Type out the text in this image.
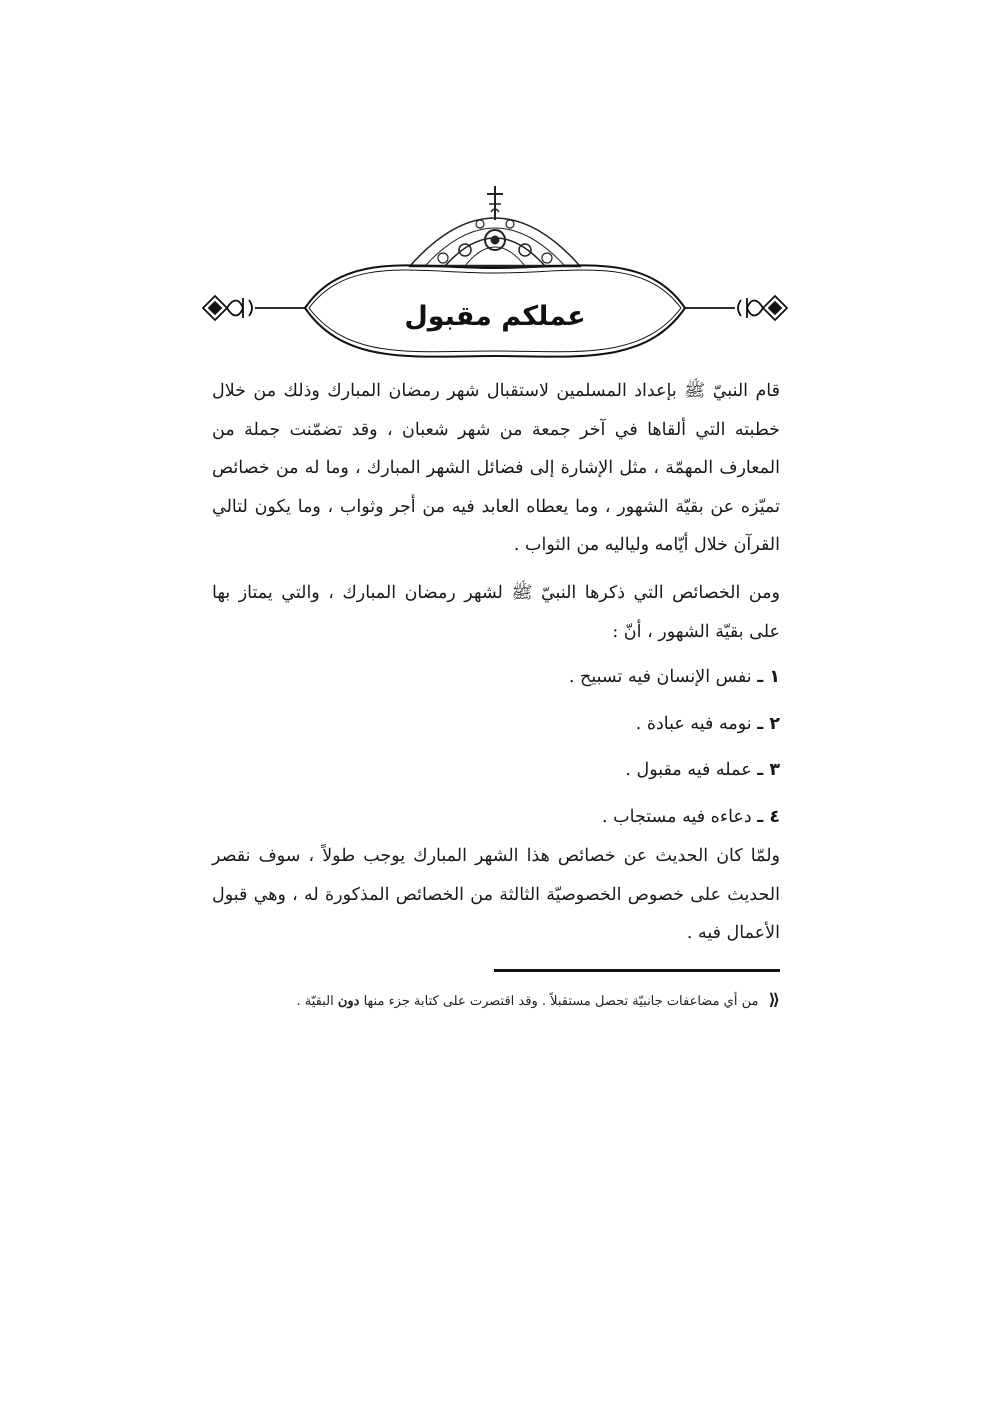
عملكم مقبول

قام النبيّ ﷺ بإعداد المسلمين لاستقبال شهر رمضان المبارك وذلك من خلال خطبته التي ألقاها في آخر جمعة من شهر شعبان ، وقد تضمّنت جملة من المعارف المهمّة ، مثل الإشارة إلى فضائل الشهر المبارك ، وما له من خصائص تميّزه عن بقيّة الشهور ، وما يعطاه العابد فيه من أجر وثواب ، وما يكون لتالي القرآن خلال أيّامه ولياليه من الثواب .

ومن الخصائص التي ذكرها النبيّ ﷺ لشهر رمضان المبارك ، والتي يمتاز بها على بقيّة الشهور ، أنّ :

١ ـ نفس الإنسان فيه تسبيح .
٢ ـ نومه فيه عبادة .
٣ ـ عمله فيه مقبول .
٤ ـ دعاءه فيه مستجاب .

ولمّا كان الحديث عن خصائص هذا الشهر المبارك يوجب طولاً ، سوف نقصر الحديث على خصوص الخصوصيّة الثالثة من الخصائص المذكورة له ، وهي قبول الأعمال فيه .

⟪من أي مضاعفات جانبيّة تحصل مستقبلاً . وقد اقتصرت على كتابة جزء منها دون البقيّة .
